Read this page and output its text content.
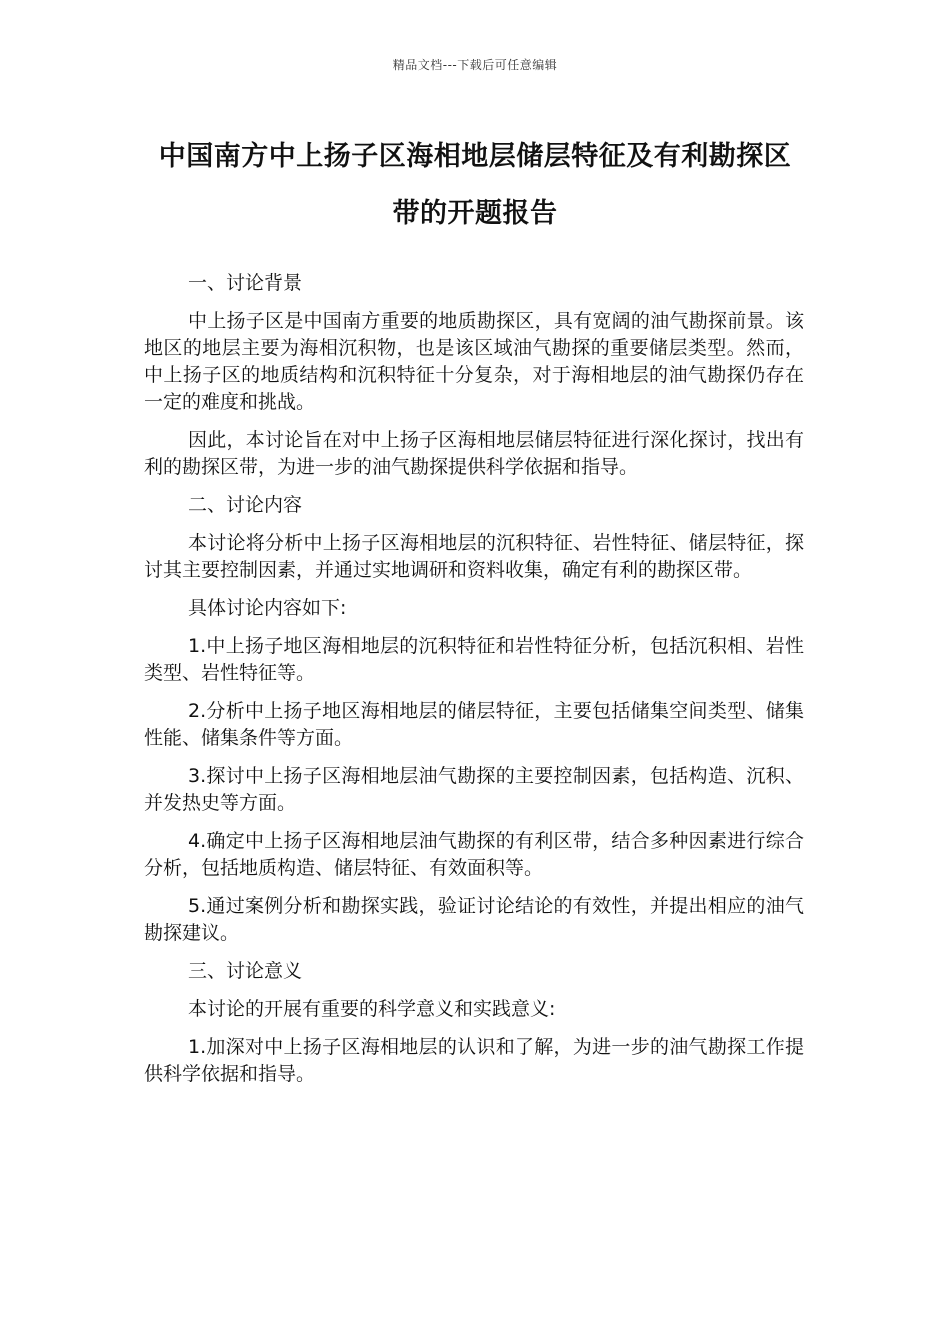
精品文档---下载后可任意编辑
中国南方中上扬子区海相地层储层特征及有利勘探区
带的开题报告

一、讨论背景

中上扬子区是中国南方重要的地质勘探区，具有宽阔的油气勘探前景。该地区的地层主要为海相沉积物，也是该区域油气勘探的重要储层类型。然而，中上扬子区的地质结构和沉积特征十分复杂，对于海相地层的油气勘探仍存在一定的难度和挑战。

因此，本讨论旨在对中上扬子区海相地层储层特征进行深化探讨，找出有利的勘探区带，为进一步的油气勘探提供科学依据和指导。

二、讨论内容

本讨论将分析中上扬子区海相地层的沉积特征、岩性特征、储层特征，探讨其主要控制因素，并通过实地调研和资料收集，确定有利的勘探区带。

具体讨论内容如下:

1.中上扬子地区海相地层的沉积特征和岩性特征分析，包括沉积相、岩性类型、岩性特征等。

2.分析中上扬子地区海相地层的储层特征，主要包括储集空间类型、储集性能、储集条件等方面。

3.探讨中上扬子区海相地层油气勘探的主要控制因素，包括构造、沉积、并发热史等方面。

4.确定中上扬子区海相地层油气勘探的有利区带，结合多种因素进行综合分析，包括地质构造、储层特征、有效面积等。

5.通过案例分析和勘探实践，验证讨论结论的有效性，并提出相应的油气勘探建议。

三、讨论意义

本讨论的开展有重要的科学意义和实践意义:

1.加深对中上扬子区海相地层的认识和了解，为进一步的油气勘探工作提供科学依据和指导。
